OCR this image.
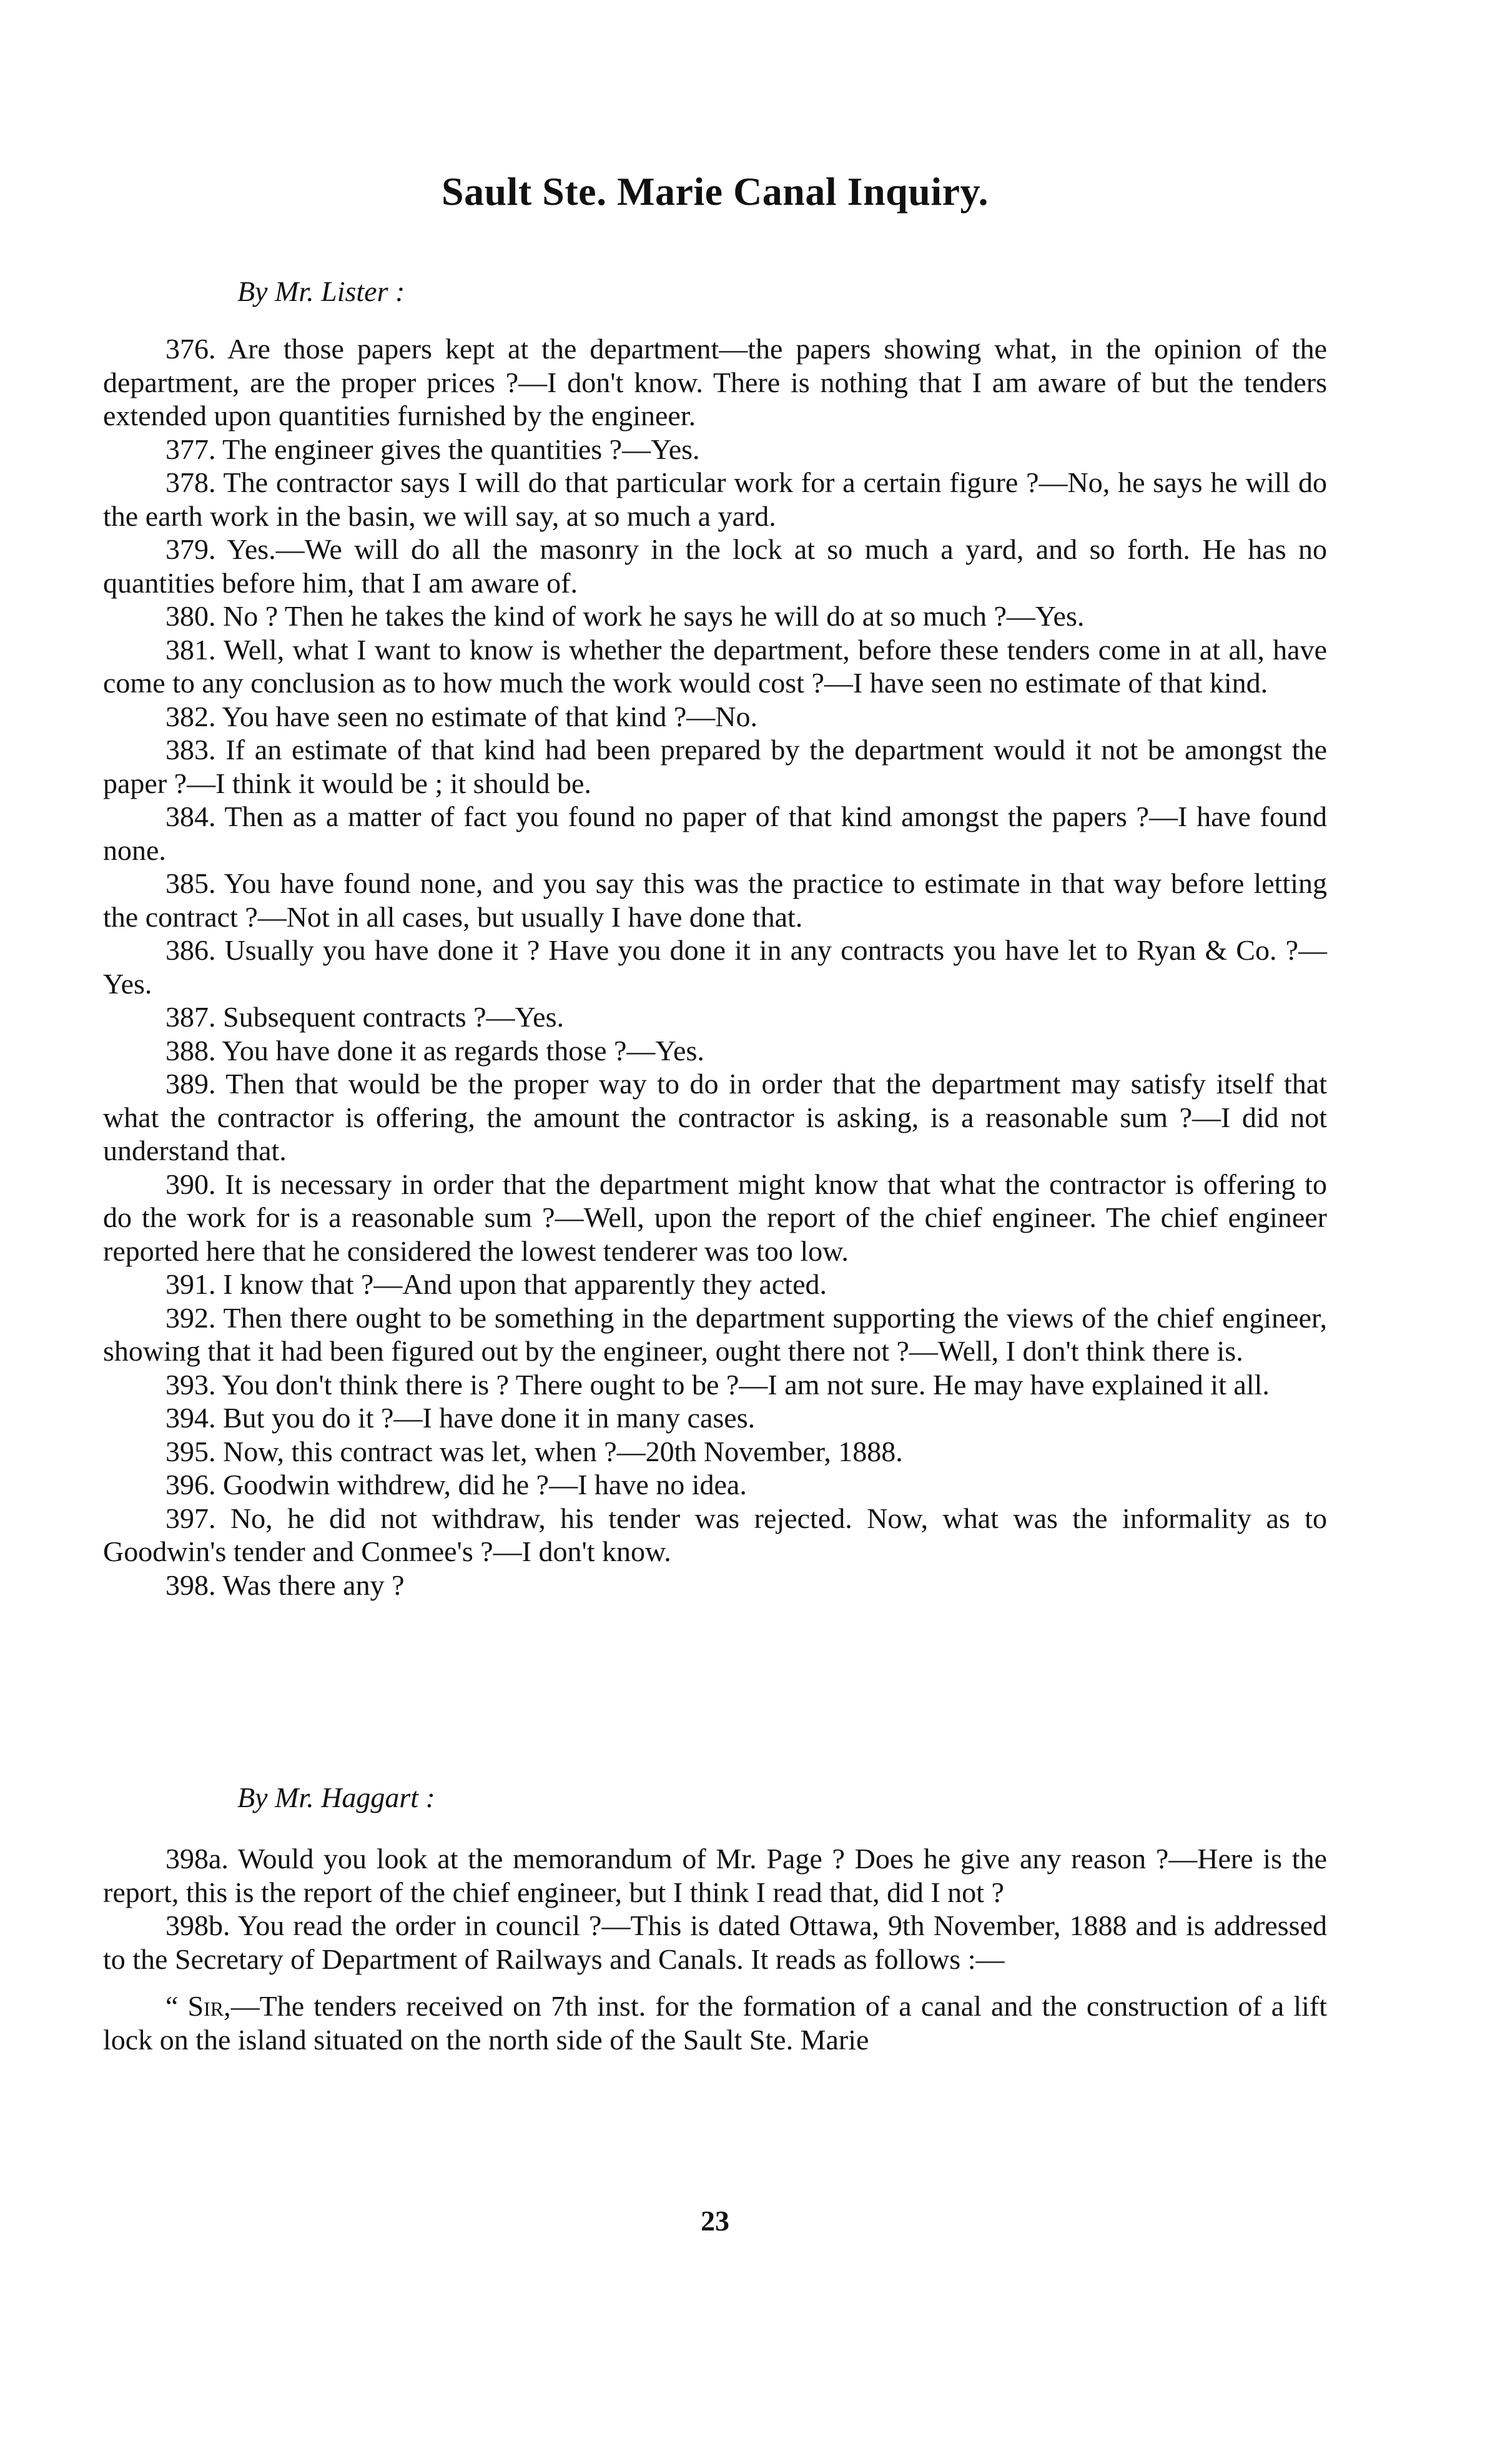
Sault Ste. Marie Canal Inquiry.
By Mr. Lister :

376. Are those papers kept at the department—the papers showing what, in the opinion of the department, are the proper prices ?—I don't know. There is nothing that I am aware of but the tenders extended upon quantities furnished by the engineer.

377. The engineer gives the quantities ?—Yes.

378. The contractor says I will do that particular work for a certain figure ?—No, he says he will do the earth work in the basin, we will say, at so much a yard.

379. Yes.—We will do all the masonry in the lock at so much a yard, and so forth. He has no quantities before him, that I am aware of.

380. No ? Then he takes the kind of work he says he will do at so much ?—Yes.

381. Well, what I want to know is whether the department, before these tenders come in at all, have come to any conclusion as to how much the work would cost ?—I have seen no estimate of that kind.

382. You have seen no estimate of that kind ?—No.

383. If an estimate of that kind had been prepared by the department would it not be amongst the paper ?—I think it would be ; it should be.

384. Then as a matter of fact you found no paper of that kind amongst the papers ?—I have found none.

385. You have found none, and you say this was the practice to estimate in that way before letting the contract ?—Not in all cases, but usually I have done that.

386. Usually you have done it ? Have you done it in any contracts you have let to Ryan & Co. ?—Yes.

387. Subsequent contracts ?—Yes.

388. You have done it as regards those ?—Yes.

389. Then that would be the proper way to do in order that the department may satisfy itself that what the contractor is offering, the amount the contractor is asking, is a reasonable sum ?—I did not understand that.

390. It is necessary in order that the department might know that what the contractor is offering to do the work for is a reasonable sum ?—Well, upon the report of the chief engineer. The chief engineer reported here that he considered the lowest tenderer was too low.

391. I know that ?—And upon that apparently they acted.

392. Then there ought to be something in the department supporting the views of the chief engineer, showing that it had been figured out by the engineer, ought there not ?—Well, I don't think there is.

393. You don't think there is ? There ought to be ?—I am not sure. He may have explained it all.

394. But you do it ?—I have done it in many cases.

395. Now, this contract was let, when ?—20th November, 1888.

396. Goodwin withdrew, did he ?—I have no idea.

397. No, he did not withdraw, his tender was rejected. Now, what was the informality as to Goodwin's tender and Conmee's ?—I don't know.

398. Was there any ?

By Mr. Haggart :

398a. Would you look at the memorandum of Mr. Page ? Does he give any reason ?—Here is the report, this is the report of the chief engineer, but I think I read that, did I not ?

398b. You read the order in council ?—This is dated Ottawa, 9th November, 1888 and is addressed to the Secretary of Department of Railways and Canals. It reads as follows :—

“ Sir,—The tenders received on 7th inst. for the formation of a canal and the construction of a lift lock on the island situated on the north side of the Sault Ste. Marie

23
